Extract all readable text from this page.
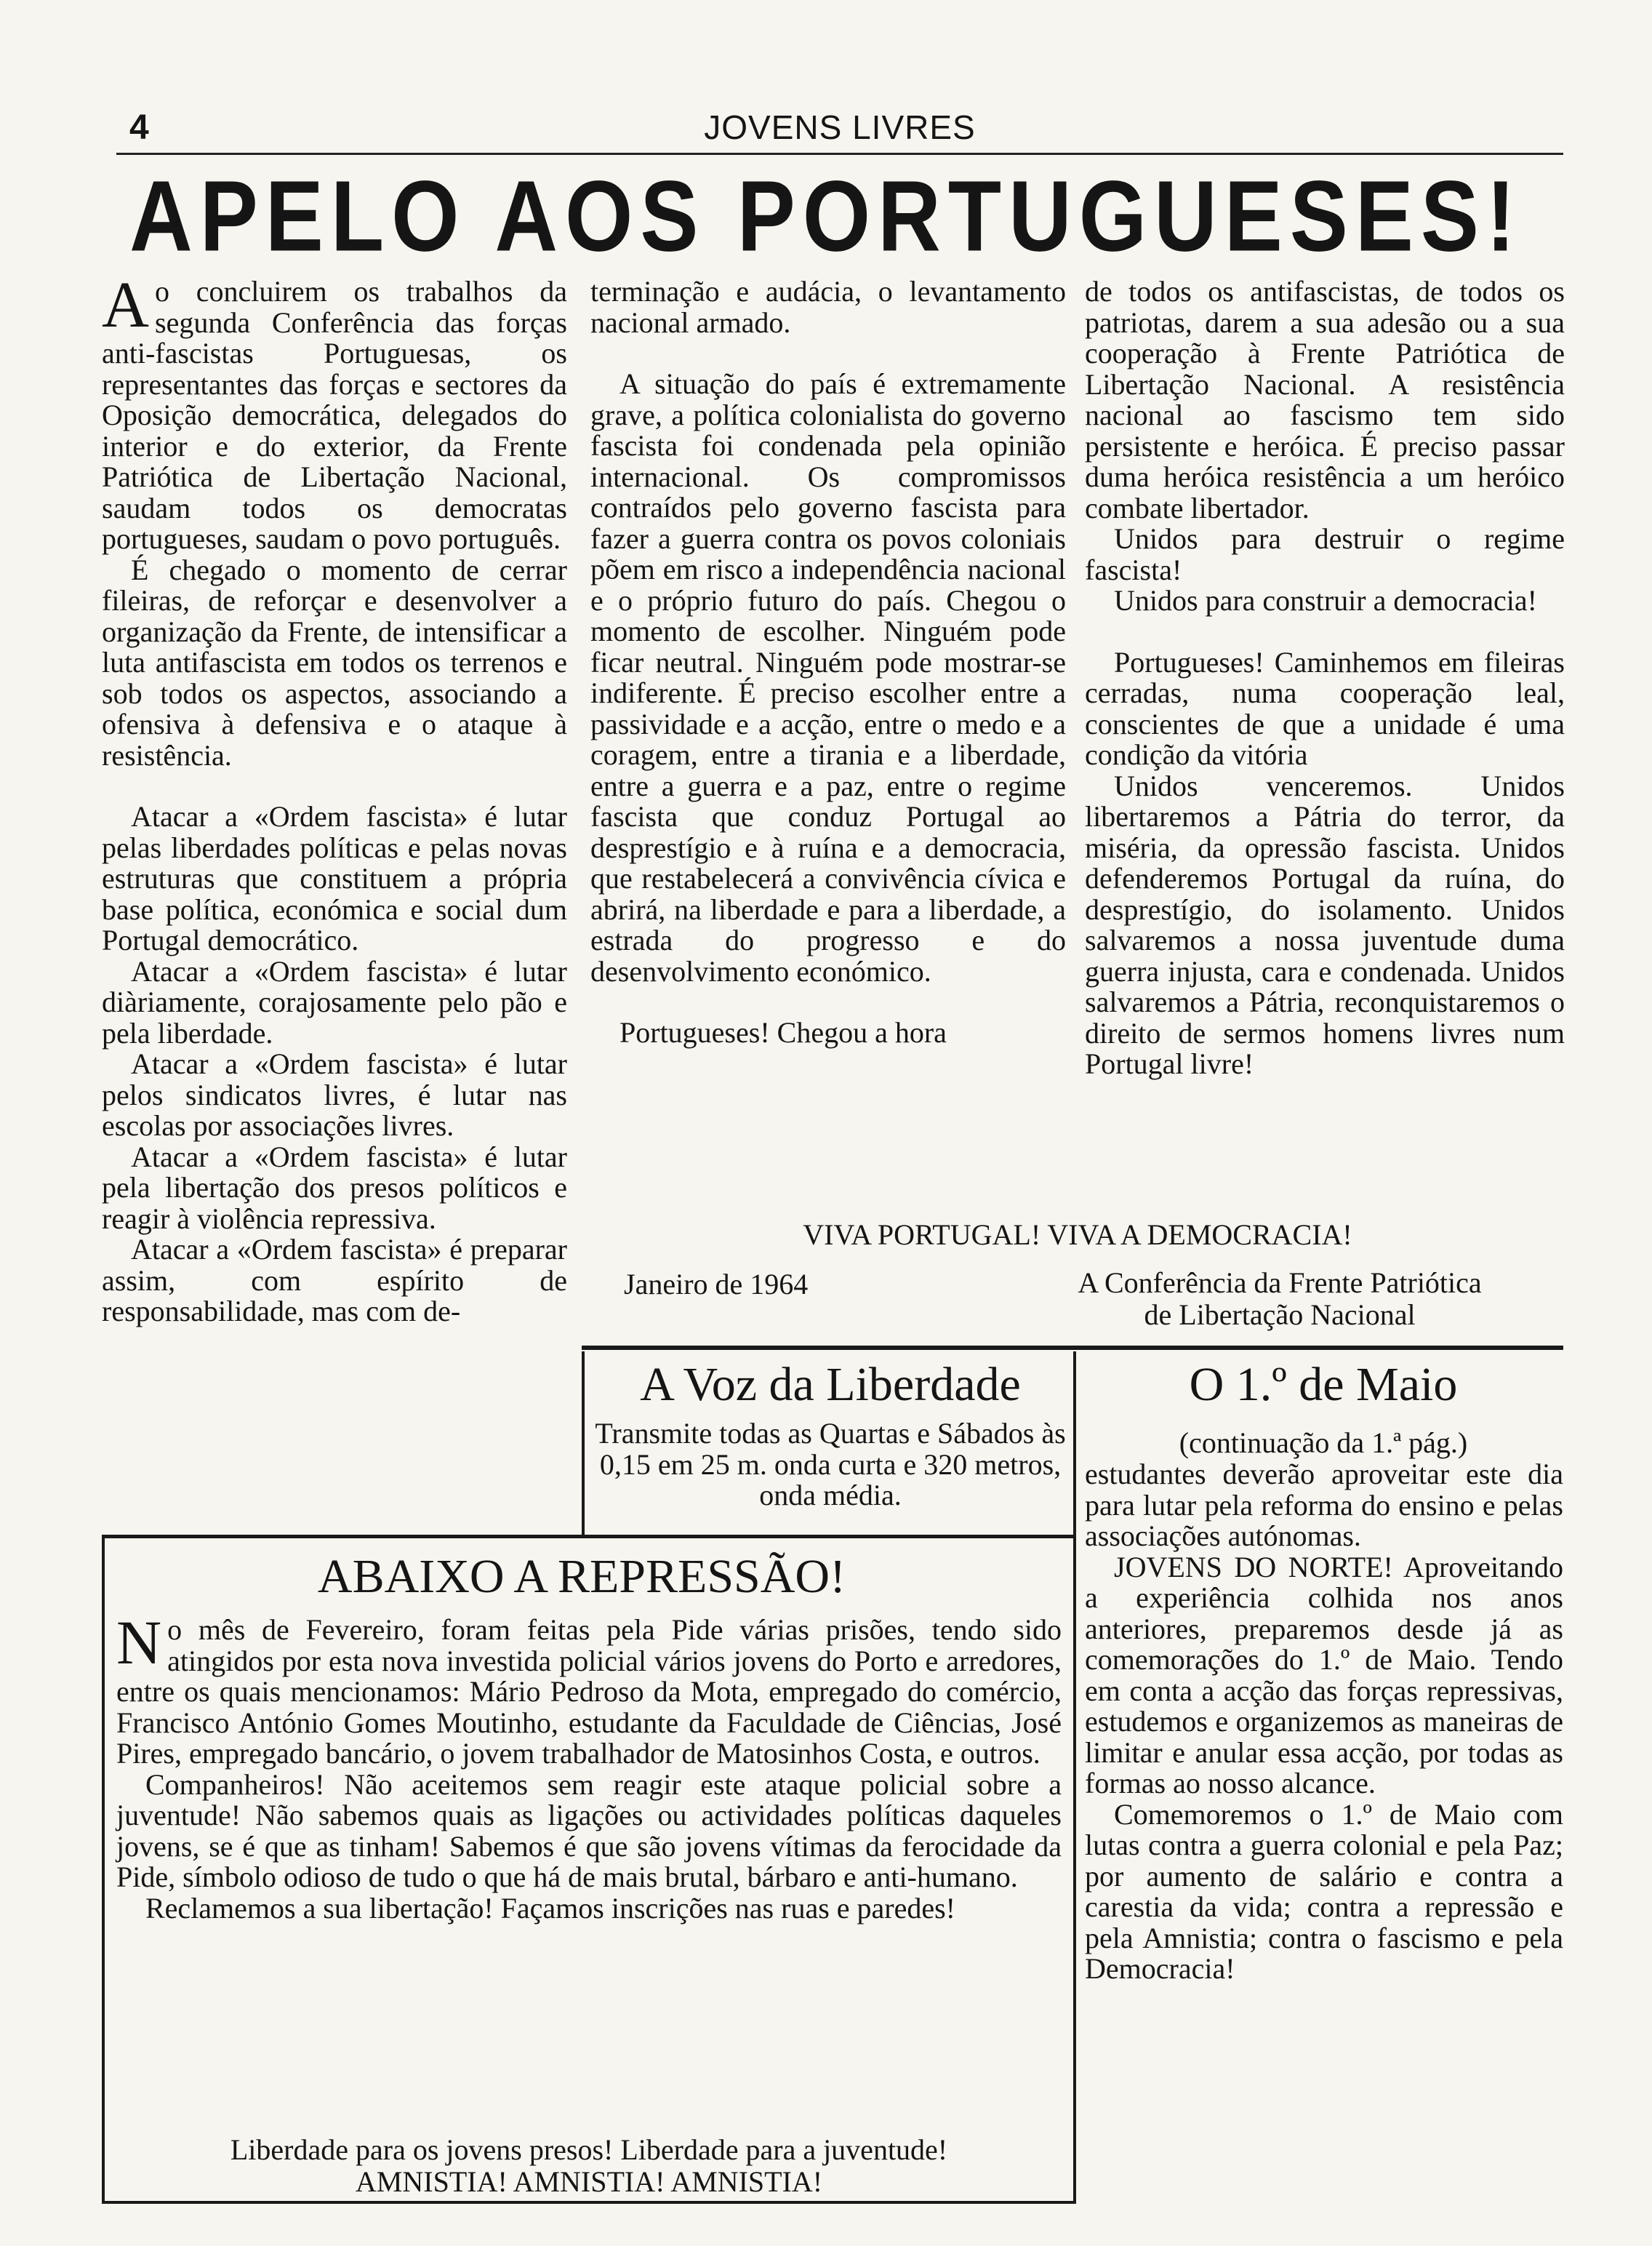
4	JOVENS LIVRES
APELO AOS PORTUGUESES!

Ao concluirem os trabalhos da segunda Conferência das forças anti-fascistas Portuguesas, os representantes das forças e sectores da Oposição democrática, delegados do interior e do exterior, da Frente Patriótica de Libertação Nacional, saudam todos os democratas portugueses, saudam o povo português.

É chegado o momento de cerrar fileiras, de reforçar e desenvolver a organização da Frente, de intensificar a luta antifascista em todos os terrenos e sob todos os aspectos, associando a ofensiva à defensiva e o ataque à resistência.

Atacar a «Ordem fascista» é lutar pelas liberdades políticas e pelas novas estruturas que constituem a própria base política, económica e social dum Portugal democrático.

Atacar a «Ordem fascista» é lutar diàriamente, corajosamente pelo pão e pela liberdade.

Atacar a «Ordem fascista» é lutar pelos sindicatos livres, é lutar nas escolas por associações livres.

Atacar a «Ordem fascista» é lutar pela libertação dos presos políticos e reagir à violência repressiva.

Atacar a «Ordem fascista» é preparar assim, com espírito de responsabilidade, mas com de-

terminação e audácia, o levantamento nacional armado.

A situação do país é extremamente grave, a política colonialista do governo fascista foi condenada pela opinião internacional. Os compromissos contraídos pelo governo fascista para fazer a guerra contra os povos coloniais põem em risco a independência nacional e o próprio futuro do país. Chegou o momento de escolher. Ninguém pode ficar neutral. Ninguém pode mostrar-se indiferente. É preciso escolher entre a passividade e a acção, entre o medo e a coragem, entre a tirania e a liberdade, entre a guerra e a paz, entre o regime fascista que conduz Portugal ao desprestígio e à ruína e a democracia, que restabelecerá a convivência cívica e abrirá, na liberdade e para a liberdade, a estrada do progresso e do desenvolvimento económico.

Portugueses! Chegou a hora

de todos os antifascistas, de todos os patriotas, darem a sua adesão ou a sua cooperação à Frente Patriótica de Libertação Nacional. A resistência nacional ao fascismo tem sido persistente e heróica. É preciso passar duma heróica resistência a um heróico combate libertador.

Unidos para destruir o regime fascista!

Unidos para construir a democracia!

Portugueses! Caminhemos em fileiras cerradas, numa cooperação leal, conscientes de que a unidade é uma condição da vitória

Unidos venceremos. Unidos libertaremos a Pátria do terror, da miséria, da opressão fascista. Unidos defenderemos Portugal da ruína, do desprestígio, do isolamento. Unidos salvaremos a nossa juventude duma guerra injusta, cara e condenada. Unidos salvaremos a Pátria, reconquistaremos o direito de sermos homens livres num Portugal livre!

VIVA PORTUGAL! VIVA A DEMOCRACIA!
Janeiro de 1964	A Conferência da Frente Patriótica
de Libertação Nacional
A Voz da Liberdade
Transmite todas as Quartas e Sábados às 0,15 em 25 m. onda curta e 320 metros, onda média.
O 1.º de Maio
(continuação da 1.ª pág.)

estudantes deverão aproveitar este dia para lutar pela reforma do ensino e pelas associações autónomas.

JOVENS DO NORTE! Aproveitando a experiência colhida nos anos anteriores, preparemos desde já as comemorações do 1.º de Maio. Tendo em conta a acção das forças repressivas, estudemos e organizemos as maneiras de limitar e anular essa acção, por todas as formas ao nosso alcance.

Comemoremos o 1.º de Maio com lutas contra a guerra colonial e pela Paz; por aumento de salário e contra a carestia da vida; contra a repressão e pela Amnistia; contra o fascismo e pela Democracia!

ABAIXO A REPRESSÃO!

No mês de Fevereiro, foram feitas pela Pide várias prisões, tendo sido atingidos por esta nova investida policial vários jovens do Porto e arredores, entre os quais mencionamos: Mário Pedroso da Mota, empregado do comércio, Francisco António Gomes Moutinho, estudante da Faculdade de Ciências, José Pires, empregado bancário, o jovem trabalhador de Matosinhos Costa, e outros.

Companheiros! Não aceitemos sem reagir este ataque policial sobre a juventude! Não sabemos quais as ligações ou actividades políticas daqueles jovens, se é que as tinham! Sabemos é que são jovens vítimas da ferocidade da Pide, símbolo odioso de tudo o que há de mais brutal, bárbaro e anti-humano.

Reclamemos a sua libertação! Façamos inscrições nas ruas e paredes!

Liberdade para os jovens presos! Liberdade para a juventude!
AMNISTIA! AMNISTIA! AMNISTIA!
